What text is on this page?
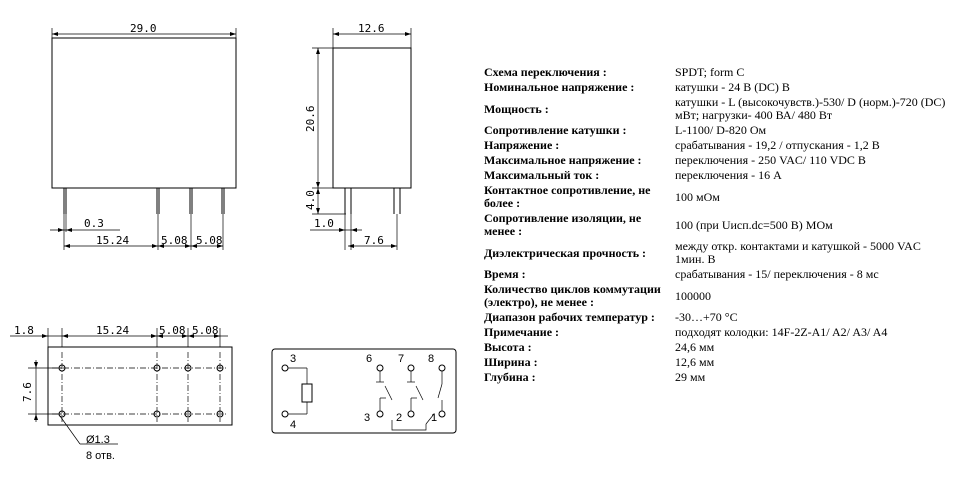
29.0
0.3
15.24	5.08 5.08
12.6
20.6
4.0
1.0
7.6
1.8	15.24	5.08 5.08
7.6
Ø1.3
8 отв.
3
4
6 7 8
3 2	1
Схема переключения :	SPDT; form C
Номинальное напряжение :	катушки - 24 В (DC) В
Мощность :	катушки - L (высокочувств.)-530/ D (норм.)-720 (DC) мВт; нагрузки- 400 ВА/ 480 Вт
Сопротивление катушки :	L-1100/ D-820 Ом
Напряжение :	срабатывания - 19,2 / отпускания - 1,2 В
Максимальное напряжение :	переключения - 250 VAC/ 110 VDC В
Максимальный ток :	переключения - 16 А
Контактное сопротивление, не более :	100 мОм
Сопротивление изоляции, не менее :	100 (при Uисп.dc=500 В) МОм
Диэлектрическая прочность :	между откр. контактами и катушкой - 5000 VAC 1мин. В
Время :	срабатывания - 15/ переключения - 8 мс
Количество циклов коммутации (электро), не менее :	100000
Диапазон рабочих температур :	-30…+70 °C
Примечание :	подходят колодки: 14F-2Z-A1/ A2/ A3/ A4
Высота :	24,6 мм
Ширина :	12,6 мм
Глубина :	29 мм
